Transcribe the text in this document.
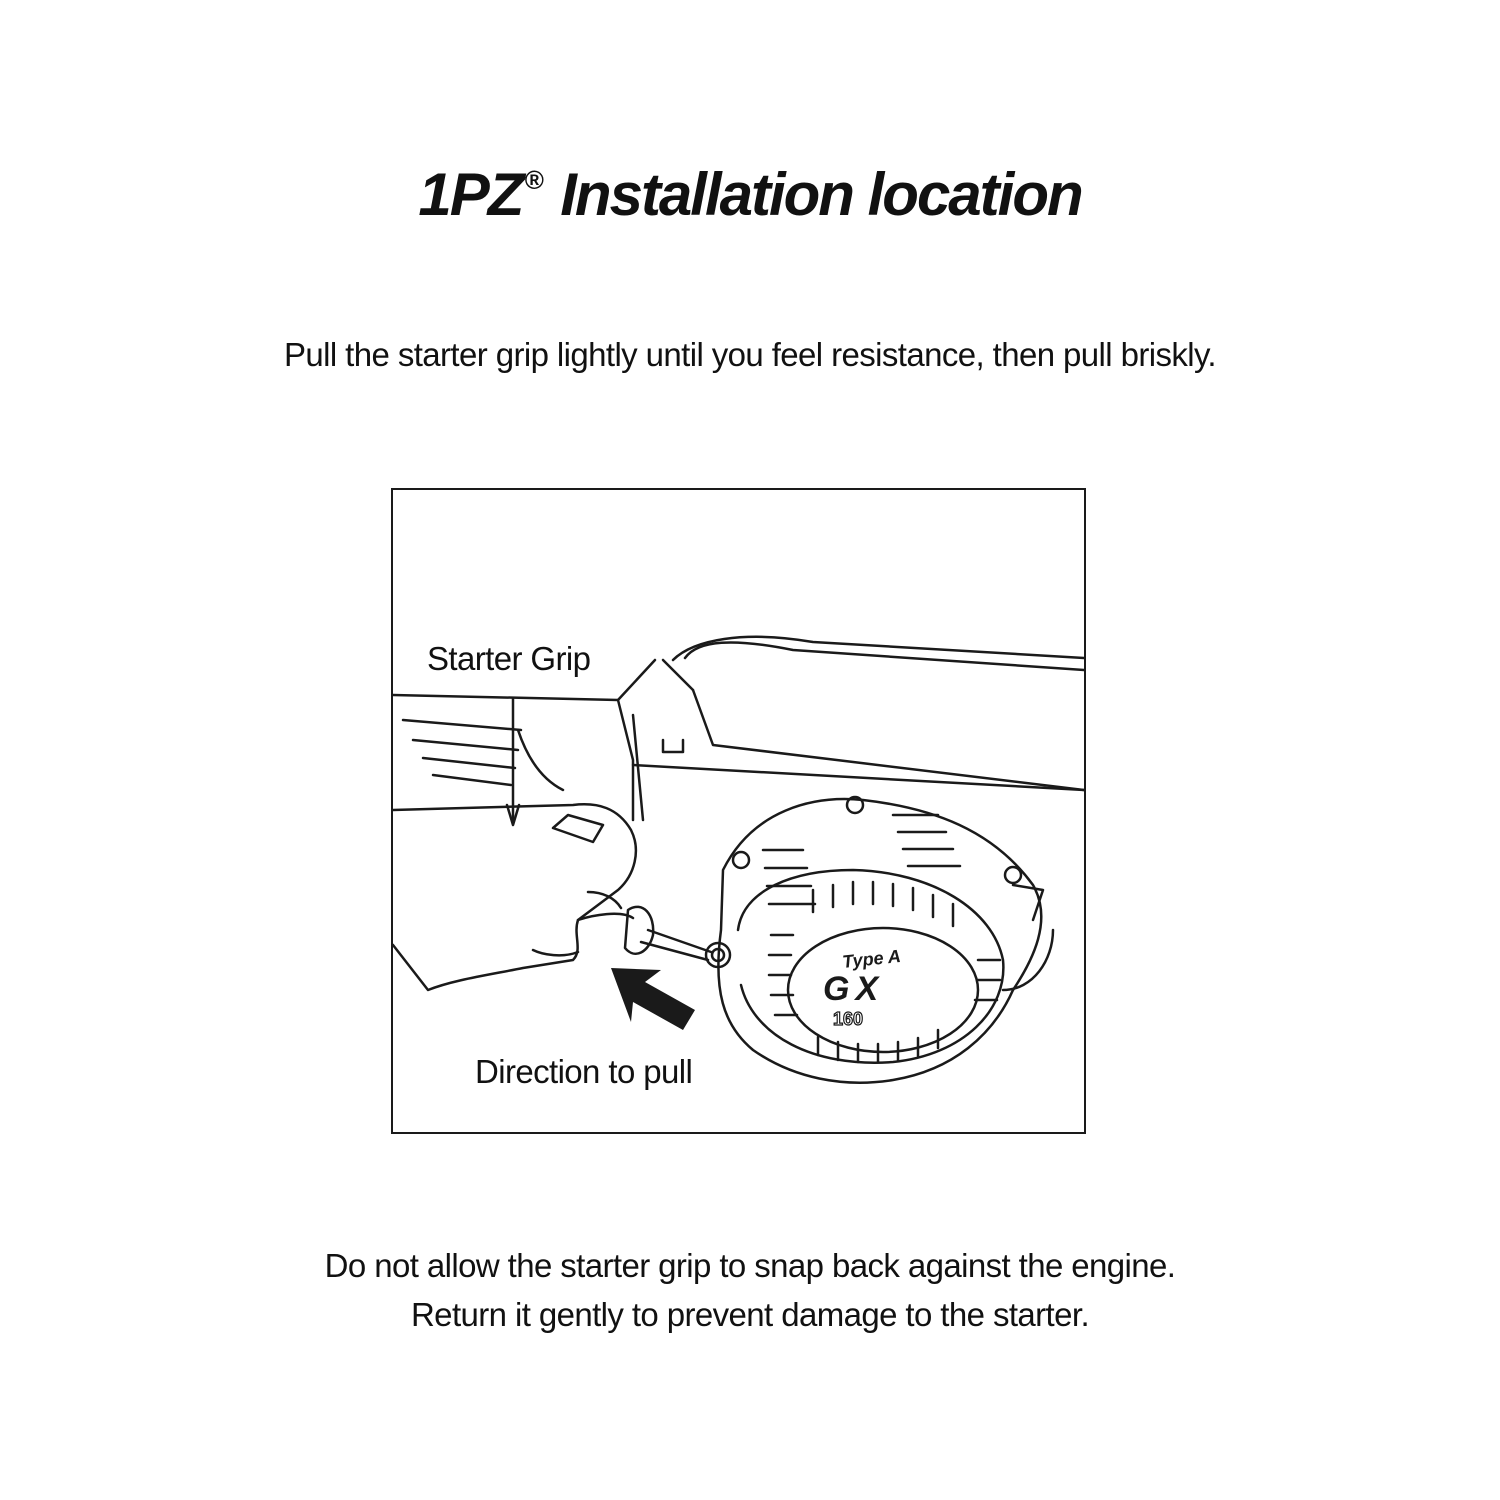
1PZ® Installation location
Pull the starter grip lightly until you feel resistance, then pull briskly.
Type A
GX
160
Starter Grip
Direction to pull
Do not allow the starter grip to snap back against the engine.
Return it gently to prevent damage to the starter.
